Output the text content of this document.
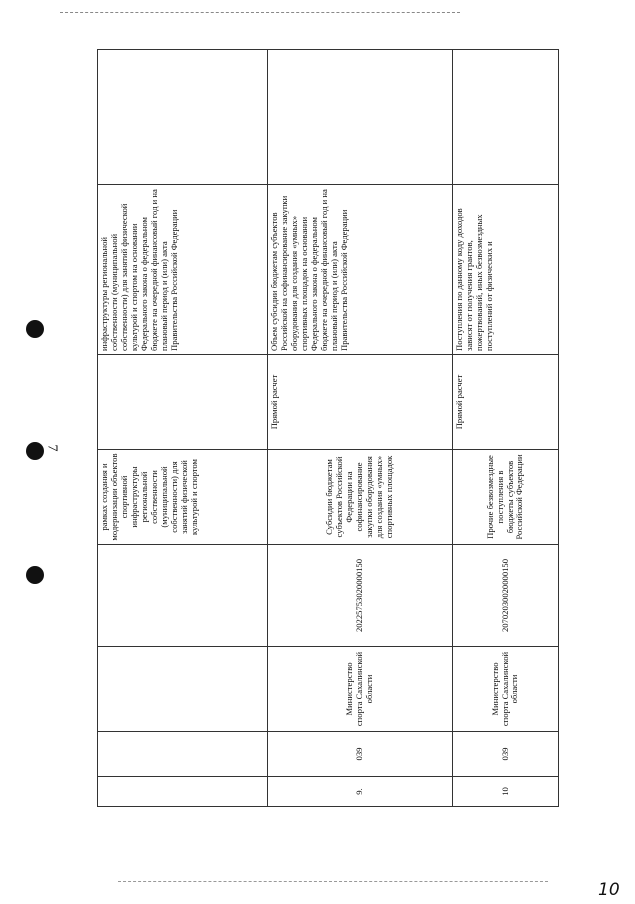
7
10
				рамках создания и модернизации объектов спортивной инфраструктуры региональной собственности (муниципальной собственности) для занятий физической культурой и спортом		инфраструктуры региональной собственности (муниципальной собственности) для занятий физической культурой и спортом на основании Федерального закона о федеральном бюджете на очередной финансовый год и на плановый период и (или) акта Правительства Российской Федерации	
9.	039	Министерство спорта Сахалинской области	20225753020000150	Субсидии бюджетам субъектов Российской Федерации на софинансирование закупки оборудования для создания «умных» спортивных площадок	Прямой расчет	Объем субсидии бюджетам субъектов Российской на софинансирование закупки оборудования для создания «умных» спортивных площадок на основании Федерального закона о федеральном бюджете на очередной финансовый год и на плановый период и (или) акта Правительства Российской Федерации	
10	039	Министерство спорта Сахалинской области	20702030020000150	Прочие безвозмездные поступления в бюджеты субъектов Российской Федерации	Прямой расчет	Поступления по данному коду доходов зависят от получения грантов, пожертвований, иных безвозмездных поступлений от физических и	
